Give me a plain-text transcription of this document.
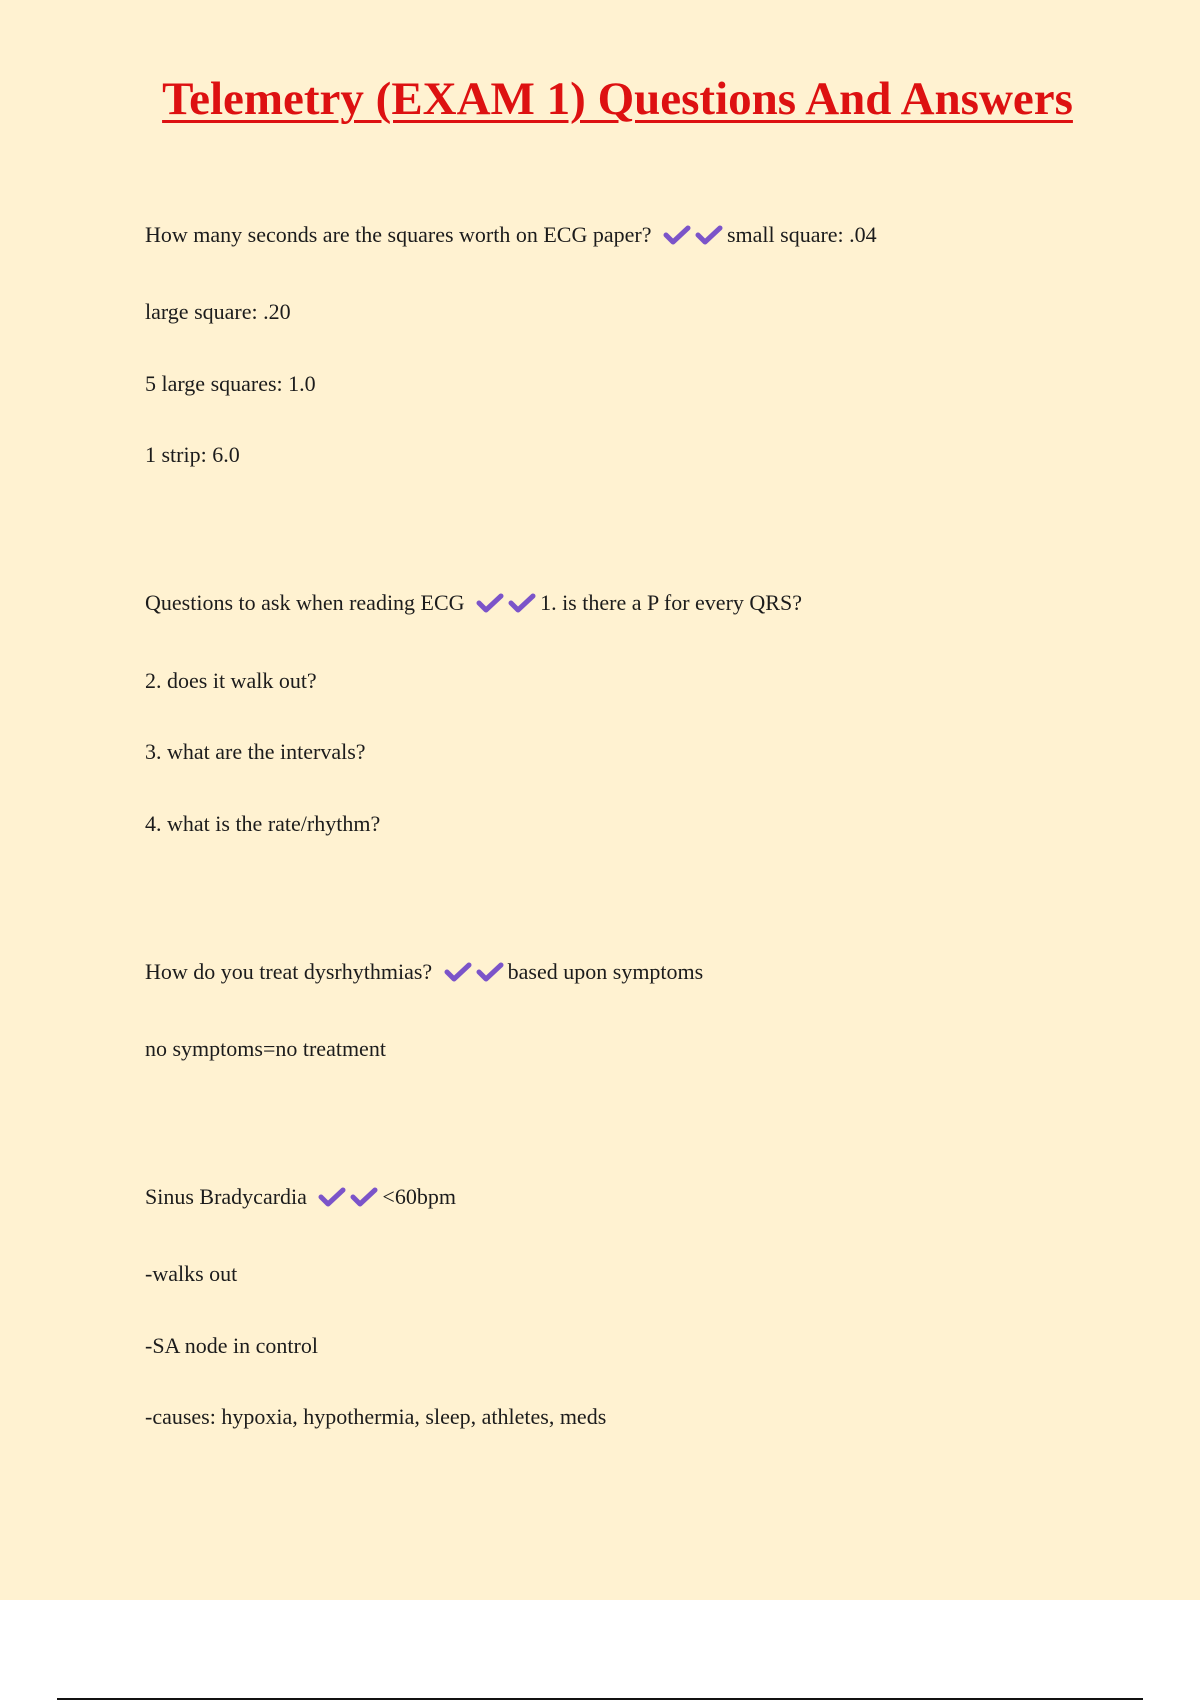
Telemetry (EXAM 1) Questions And Answers

How many seconds are the squares worth on ECG paper?	small square: .04

large square: .20

5 large squares: 1.0

1 strip: 6.0

Questions to ask when reading ECG	1. is there a P for every QRS?

2. does it walk out?

3. what are the intervals?

4. what is the rate/rhythm?

How do you treat dysrhythmias?	based upon symptoms

no symptoms=no treatment

Sinus Bradycardia	<60bpm

-walks out

-SA node in control

-causes: hypoxia, hypothermia, sleep, athletes, meds
